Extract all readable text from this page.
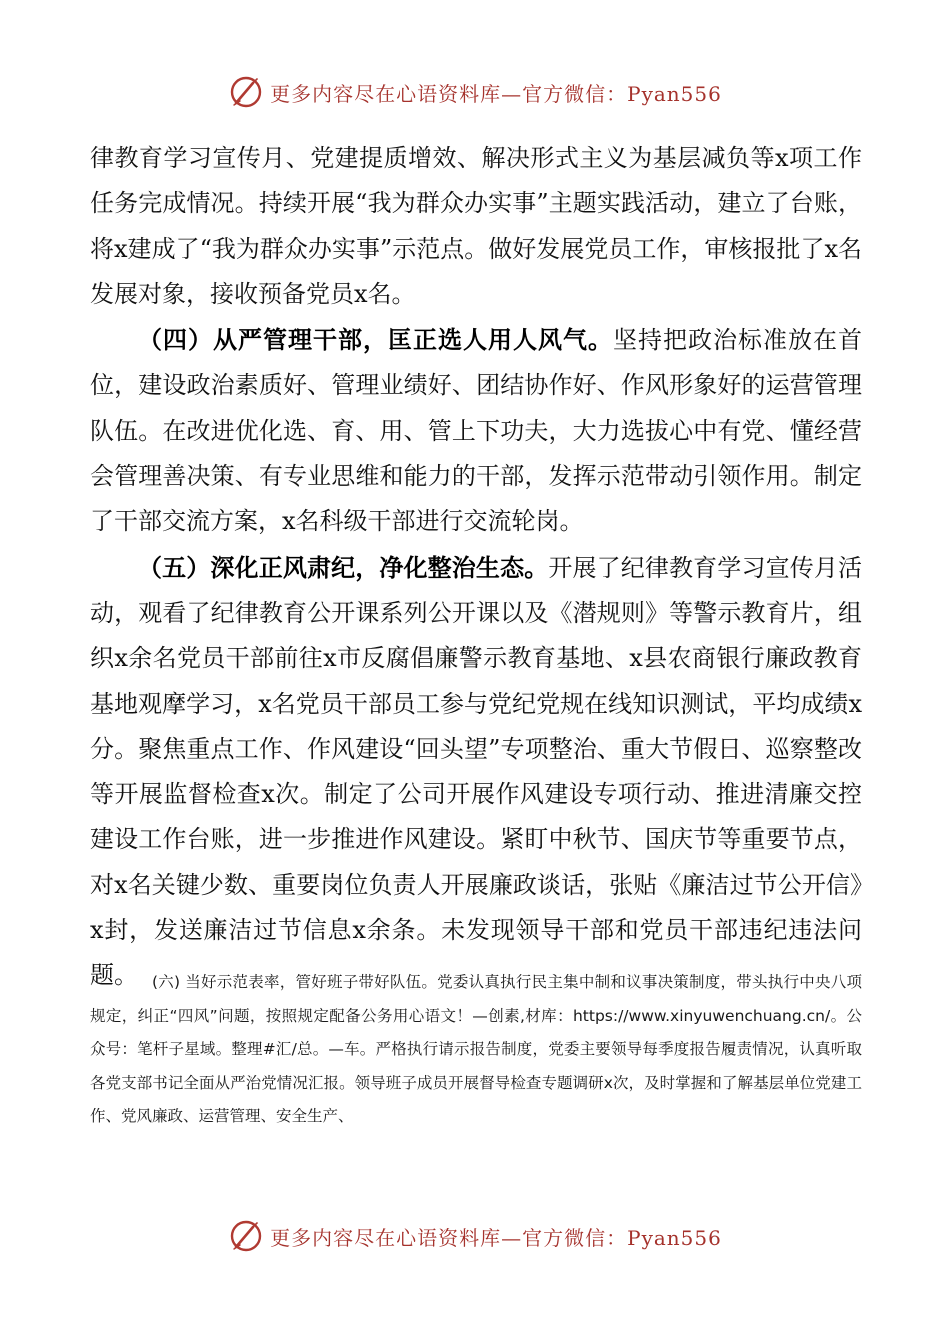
更多内容尽在心语资料库—官方微信：Pyan556

律教育学习宣传月、党建提质增效、解决形式主义为基层减负等x项工作任务完成情况。持续开展“我为群众办实事”主题实践活动，建立了台账，将x建成了“我为群众办实事”示范点。做好发展党员工作，审核报批了x名发展对象，接收预备党员x名。

（四）从严管理干部，匡正选人用人风气。坚持把政治标准放在首位，建设政治素质好、管理业绩好、团结协作好、作风形象好的运营管理队伍。在改进优化选、育、用、管上下功夫，大力选拔心中有党、懂经营会管理善决策、有专业思维和能力的干部，发挥示范带动引领作用。制定了干部交流方案，x名科级干部进行交流轮岗。

（五）深化正风肃纪，净化整治生态。开展了纪律教育学习宣传月活动，观看了纪律教育公开课系列公开课以及《潜规则》等警示教育片，组织x余名党员干部前往x市反腐倡廉警示教育基地、x县农商银行廉政教育基地观摩学习，x名党员干部员工参与党纪党规在线知识测试，平均成绩x分。聚焦重点工作、作风建设“回头望”专项整治、重大节假日、巡察整改等开展监督检查x次。制定了公司开展作风建设专项行动、推进清廉交控建设工作台账，进一步推进作风建设。紧盯中秋节、国庆节等重要节点，对x名关键少数、重要岗位负责人开展廉政谈话，张贴《廉洁过节公开信》x封，发送廉洁过节信息x余条。未发现领导干部和党员干部违纪违法问题。 (六) 当好示范表率，管好班子带好队伍。党委认真执行民主集中制和议事决策制度，带头执行中央八项规定，纠正“四风”问题，按照规定配备公务用心语文！—创素,材库：https://www.xinyuwenchuang.cn/。公众号：笔杆子星域。整理#汇/总。—车。严格执行请示报告制度，党委主要领导每季度报告履责情况，认真听取各党支部书记全面从严治党情况汇报。领导班子成员开展督导检查专题调研x次，及时掌握和了解基层单位党建工作、党风廉政、运营管理、安全生产、

更多内容尽在心语资料库—官方微信：Pyan556
